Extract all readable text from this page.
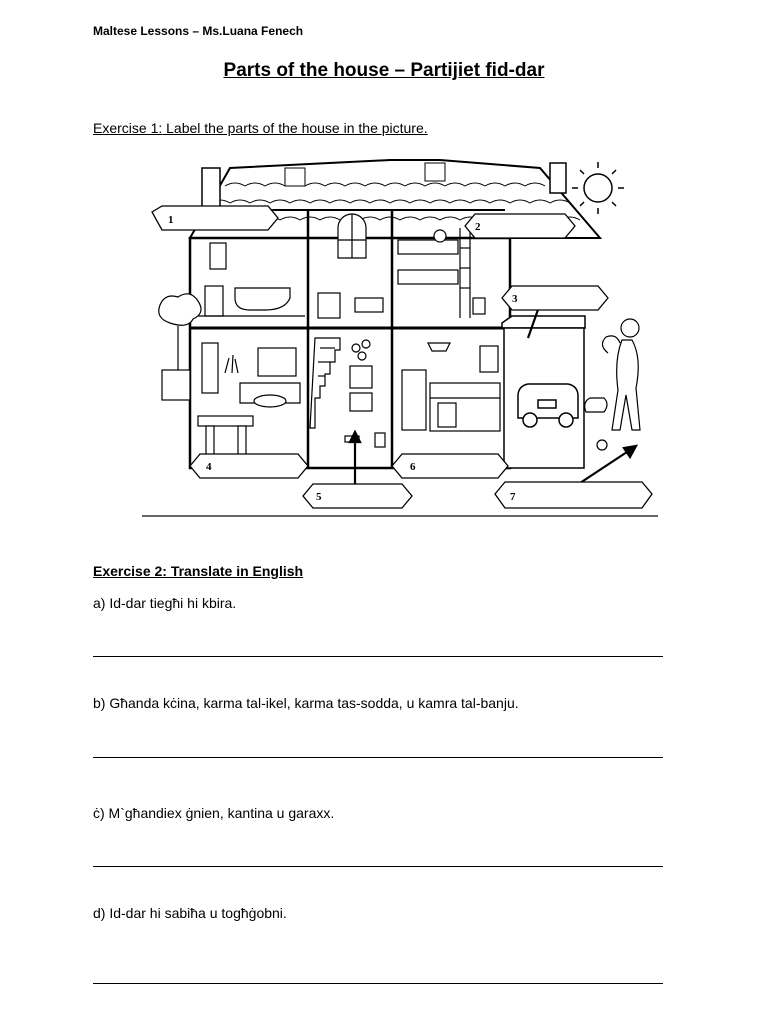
Maltese Lessons – Ms.Luana Fenech
Parts of the house – Partijiet fid-dar
Exercise 1: Label the parts of the house in the picture.
1
2
3
4
5
6
7
Exercise 2: Translate in English
a) Id-dar tiegħi hi kbira.
b) Għanda kċina, karma tal-ikel, karma tas-sodda, u kamra tal-banju.
ċ) M`għandiex ġnien, kantina u garaxx.
d) Id-dar hi sabiħa u togħġobni.
